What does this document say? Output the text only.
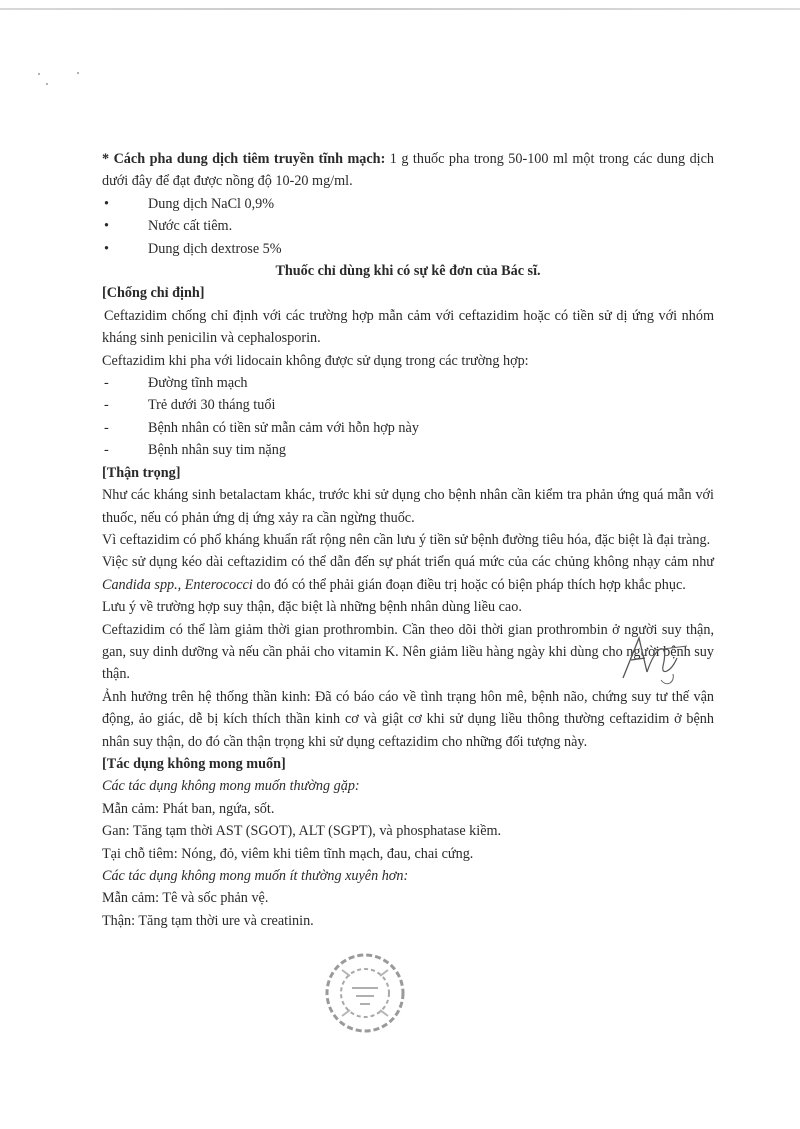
* Cách pha dung dịch tiêm truyền tĩnh mạch: 1 g thuốc pha trong 50-100 ml một trong các dung dịch dưới đây để đạt được nồng độ 10-20 mg/ml.

•	Dung dịch NaCl 0,9%
•	Nước cất tiêm.
•	Dung dịch dextrose 5%

Thuốc chỉ dùng khi có sự kê đơn của Bác sĩ.

[Chống chỉ định]

Ceftazidim chống chỉ định với các trường hợp mẫn cảm với ceftazidim hoặc có tiền sử dị ứng với nhóm kháng sinh penicilin và cephalosporin.

Ceftazidim khi pha với lidocain không được sử dụng trong các trường hợp:

-	Đường tĩnh mạch
-	Trẻ dưới 30 tháng tuổi
-	Bệnh nhân có tiền sử mẫn cảm với hỗn hợp này
-	Bệnh nhân suy tim nặng

[Thận trọng]

Như các kháng sinh betalactam khác, trước khi sử dụng cho bệnh nhân cần kiểm tra phản ứng quá mẫn với thuốc, nếu có phản ứng dị ứng xảy ra cần ngừng thuốc.

Vì ceftazidim có phổ kháng khuẩn rất rộng nên cần lưu ý tiền sử bệnh đường tiêu hóa, đặc biệt là đại tràng.

Việc sử dụng kéo dài ceftazidim có thể dẫn đến sự phát triển quá mức của các chủng không nhạy cảm như Candida spp., Enterococci do đó có thể phải gián đoạn điều trị hoặc có biện pháp thích hợp khắc phục.

Lưu ý về trường hợp suy thận, đặc biệt là những bệnh nhân dùng liều cao.

Ceftazidim có thể làm giảm thời gian prothrombin. Cần theo dõi thời gian prothrombin ở người suy thận, gan, suy dinh dưỡng và nếu cần phải cho vitamin K. Nên giảm liều hàng ngày khi dùng cho người bệnh suy thận.

Ảnh hưởng trên hệ thống thần kinh: Đã có báo cáo về tình trạng hôn mê, bệnh não, chứng suy tư thế vận động, ảo giác, dễ bị kích thích thần kinh cơ và giật cơ khi sử dụng liều thông thường ceftazidim ở bệnh nhân suy thận, do đó cần thận trọng khi sử dụng ceftazidim cho những đối tượng này.

[Tác dụng không mong muốn]

Các tác dụng không mong muốn thường gặp:

Mẫn cảm: Phát ban, ngứa, sốt.

Gan: Tăng tạm thời AST (SGOT), ALT (SGPT), và phosphatase kiềm.

Tại chỗ tiêm: Nóng, đỏ, viêm khi tiêm tĩnh mạch, đau, chai cứng.

Các tác dụng không mong muốn ít thường xuyên hơn:

Mẫn cảm: Tê và sốc phản vệ.

Thận: Tăng tạm thời ure và creatinin.
